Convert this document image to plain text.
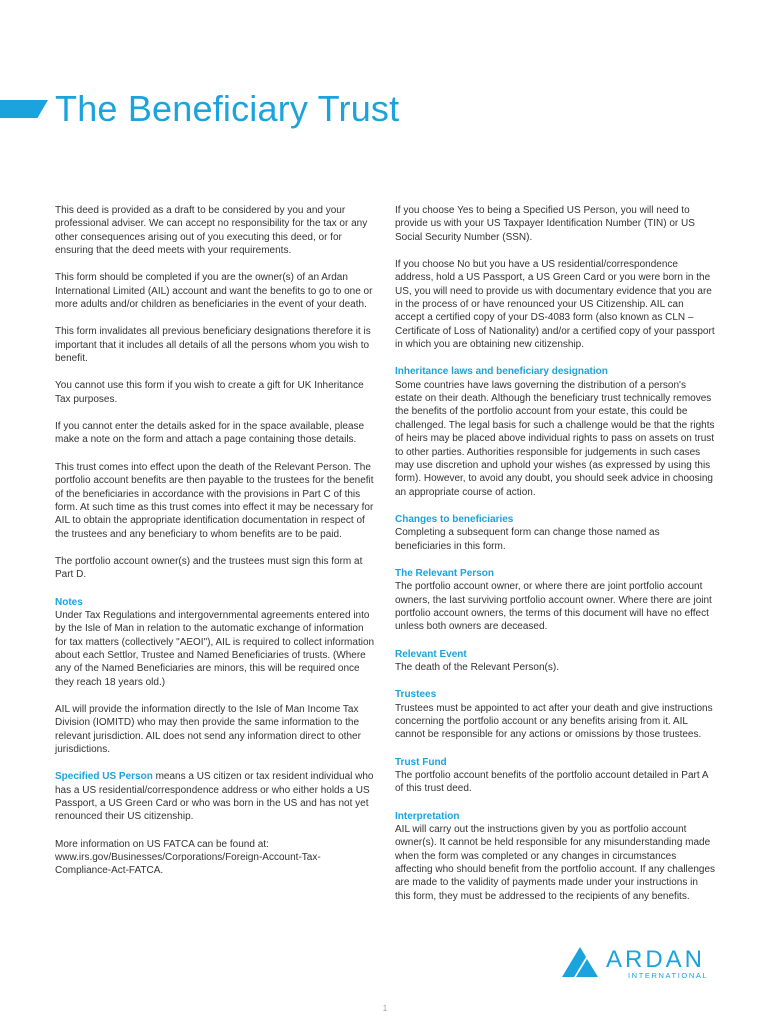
The Beneficiary Trust

This deed is provided as a draft to be considered by you and your professional adviser. We can accept no responsibility for the tax or any other consequences arising out of you executing this deed, or for ensuring that the deed meets with your requirements.

This form should be completed if you are the owner(s) of an Ardan International Limited (AIL) account and want the benefits to go to one or more adults and/or children as beneficiaries in the event of your death.

This form invalidates all previous beneficiary designations therefore it is important that it includes all details of all the persons whom you wish to benefit.

You cannot use this form if you wish to create a gift for UK Inheritance Tax purposes.

If you cannot enter the details asked for in the space available, please make a note on the form and attach a page containing those details.

This trust comes into effect upon the death of the Relevant Person. The portfolio account benefits are then payable to the trustees for the benefit of the beneficiaries in accordance with the provisions in Part C of this form. At such time as this trust comes into effect it may be necessary for AIL to obtain the appropriate identification documentation in respect of the trustees and any beneficiary to whom benefits are to be paid.

The portfolio account owner(s) and the trustees must sign this form at Part D.

Notes
Under Tax Regulations and intergovernmental agreements entered into by the Isle of Man in relation to the automatic exchange of information for tax matters (collectively "AEOI"), AIL is required to collect information about each Settlor, Trustee and Named Beneficiaries of trusts. (Where any of the Named Beneficiaries are minors, this will be required once they reach 18 years old.)

AIL will provide the information directly to the Isle of Man Income Tax Division (IOMITD) who may then provide the same information to the relevant jurisdiction. AIL does not send any information direct to other jurisdictions.

Specified US Person means a US citizen or tax resident individual who has a US residential/correspondence address or who either holds a US Passport, a US Green Card or who was born in the US and has not yet renounced their US citizenship.

More information on US FATCA can be found at: www.irs.gov/Businesses/Corporations/Foreign-Account-Tax-Compliance-Act-FATCA.

If you choose Yes to being a Specified US Person, you will need to provide us with your US Taxpayer Identification Number (TIN) or US Social Security Number (SSN).

If you choose No but you have a US residential/correspondence address, hold a US Passport, a US Green Card or you were born in the US, you will need to provide us with documentary evidence that you are in the process of or have renounced your US Citizenship. AIL can accept a certified copy of your DS-4083 form (also known as CLN – Certificate of Loss of Nationality) and/or a certified copy of your passport in which you are obtaining new citizenship.

Inheritance laws and beneficiary designation
Some countries have laws governing the distribution of a person's estate on their death. Although the beneficiary trust technically removes the benefits of the portfolio account from your estate, this could be challenged. The legal basis for such a challenge would be that the rights of heirs may be placed above individual rights to pass on assets on trust to other parties. Authorities responsible for judgements in such cases may use discretion and uphold your wishes (as expressed by using this form). However, to avoid any doubt, you should seek advice in choosing an appropriate course of action.

Changes to beneficiaries
Completing a subsequent form can change those named as beneficiaries in this form.

The Relevant Person
The portfolio account owner, or where there are joint portfolio account owners, the last surviving portfolio account owner. Where there are joint portfolio account owners, the terms of this document will have no effect unless both owners are deceased.

Relevant Event
The death of the Relevant Person(s).

Trustees
Trustees must be appointed to act after your death and give instructions concerning the portfolio account or any benefits arising from it. AIL cannot be responsible for any actions or omissions by those trustees.

Trust Fund
The portfolio account benefits of the portfolio account detailed in Part A of this trust deed.

Interpretation
AIL will carry out the instructions given by you as portfolio account owner(s). It cannot be held responsible for any misunderstanding made when the form was completed or any changes in circumstances affecting who should benefit from the portfolio account. If any challenges are made to the validity of payments made under your instructions in this form, they must be addressed to the recipients of any benefits.

ARDAN
INTERNATIONAL
1
